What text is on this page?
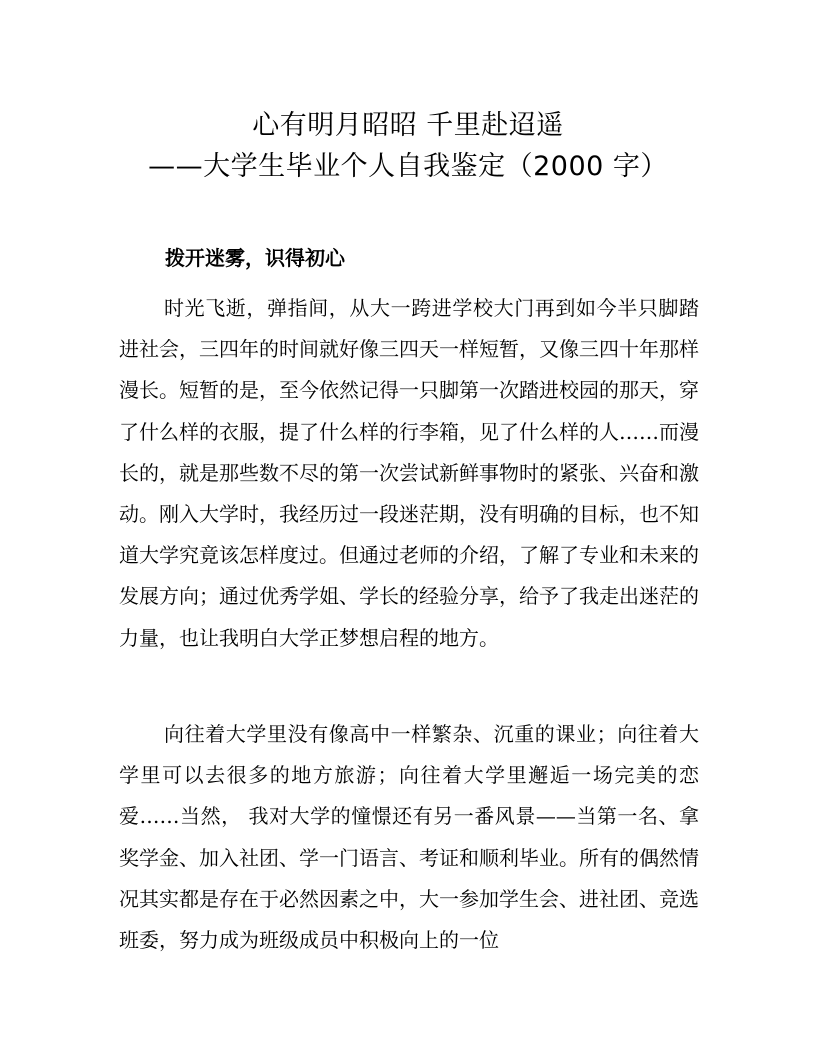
心有明月昭昭 千里赴迢遥
——大学生毕业个人自我鉴定（2000 字）
拨开迷雾，识得初心

时光飞逝，弹指间，从大一跨进学校大门再到如今半只脚踏进社会，三四年的时间就好像三四天一样短暂，又像三四十年那样漫长。短暂的是，至今依然记得一只脚第一次踏进校园的那天，穿了什么样的衣服，提了什么样的行李箱，见了什么样的人……而漫长的，就是那些数不尽的第一次尝试新鲜事物时的紧张、兴奋和激动。刚入大学时，我经历过一段迷茫期，没有明确的目标，也不知道大学究竟该怎样度过。但通过老师的介绍，了解了专业和未来的发展方向；通过优秀学姐、学长的经验分享，给予了我走出迷茫的力量，也让我明白大学正梦想启程的地方。

向往着大学里没有像高中一样繁杂、沉重的课业；向往着大学里可以去很多的地方旅游；向往着大学里邂逅一场完美的恋爱……当然， 我对大学的憧憬还有另一番风景——当第一名、拿奖学金、加入社团、学一门语言、考证和顺利毕业。所有的偶然情况其实都是存在于必然因素之中，大一参加学生会、进社团、竞选班委，努力成为班级成员中积极向上的一位
